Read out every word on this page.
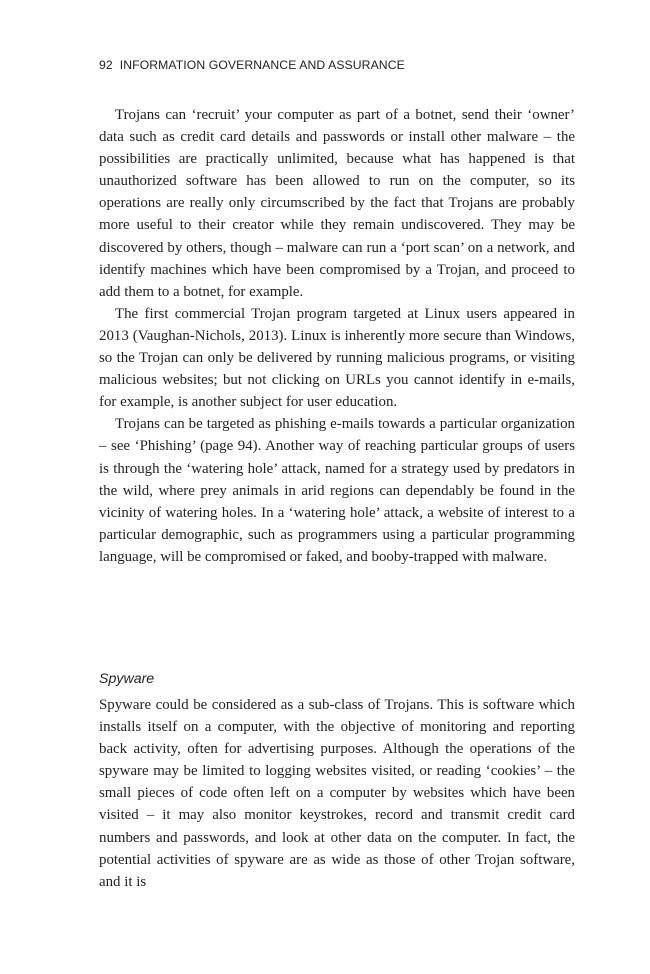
92 INFORMATION GOVERNANCE AND ASSURANCE

Trojans can ‘recruit’ your computer as part of a botnet, send their ‘owner’ data such as credit card details and passwords or install other malware – the possibilities are practically unlimited, because what has happened is that unauthorized software has been allowed to run on the computer, so its operations are really only circumscribed by the fact that Trojans are probably more useful to their creator while they remain undiscovered. They may be discovered by others, though – malware can run a ‘port scan’ on a network, and identify machines which have been compromised by a Trojan, and proceed to add them to a botnet, for example.

The first commercial Trojan program targeted at Linux users appeared in 2013 (Vaughan-Nichols, 2013). Linux is inherently more secure than Windows, so the Trojan can only be delivered by running malicious programs, or visiting malicious websites; but not clicking on URLs you cannot identify in e-mails, for example, is another subject for user education.

Trojans can be targeted as phishing e-mails towards a particular organization – see ‘Phishing’ (page 94). Another way of reaching particular groups of users is through the ‘watering hole’ attack, named for a strategy used by predators in the wild, where prey animals in arid regions can dependably be found in the vicinity of watering holes. In a ‘watering hole’ attack, a website of interest to a particular demographic, such as programmers using a particular programming language, will be compromised or faked, and booby-trapped with malware.

Spyware

Spyware could be considered as a sub-class of Trojans. This is software which installs itself on a computer, with the objective of monitoring and reporting back activity, often for advertising purposes. Although the operations of the spyware may be limited to logging websites visited, or reading ‘cookies’ – the small pieces of code often left on a computer by websites which have been visited – it may also monitor keystrokes, record and transmit credit card numbers and passwords, and look at other data on the computer. In fact, the potential activities of spyware are as wide as those of other Trojan software, and it is
